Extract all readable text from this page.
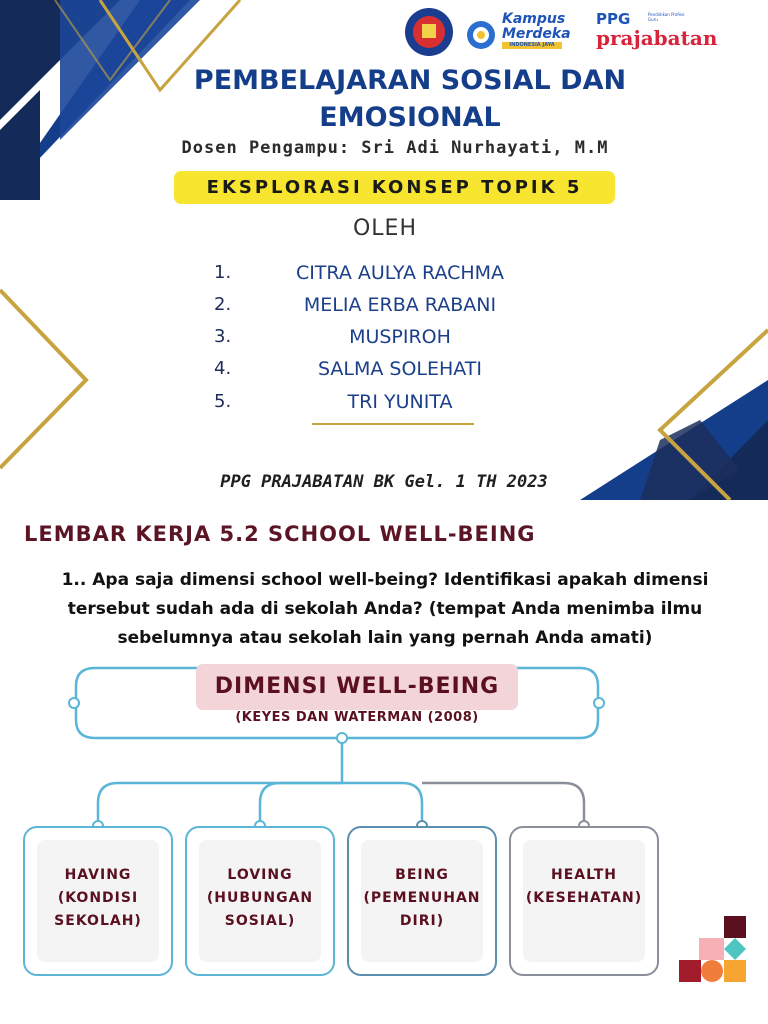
Kampus
Merdeka
INDONESIA JAYA
PPG	Pendidikan Profesi Guru
prajabatan
PEMBELAJARAN SOSIAL DAN
EMOSIONAL
Dosen Pengampu: Sri Adi Nurhayati, M.M
EKSPLORASI KONSEP TOPIK 5
OLEH
1.	CITRA AULYA RACHMA
2.	MELIA ERBA RABANI
3.	MUSPIROH
4.	SALMA SOLEHATI
5.	TRI YUNITA
PPG PRAJABATAN BK Gel. 1 TH 2023
LEMBAR KERJA 5.2 SCHOOL WELL-BEING
1.. Apa saja dimensi school well-being? Identifikasi apakah dimensi
tersebut sudah ada di sekolah Anda? (tempat Anda menimba ilmu
sebelumnya atau sekolah lain yang pernah Anda amati)
DIMENSI WELL-BEING
(KEYES DAN WATERMAN (2008)
HAVING
(KONDISI
SEKOLAH)
LOVING
(HUBUNGAN
SOSIAL)
BEING
(PEMENUHAN
DIRI)
HEALTH
(KESEHATAN)
